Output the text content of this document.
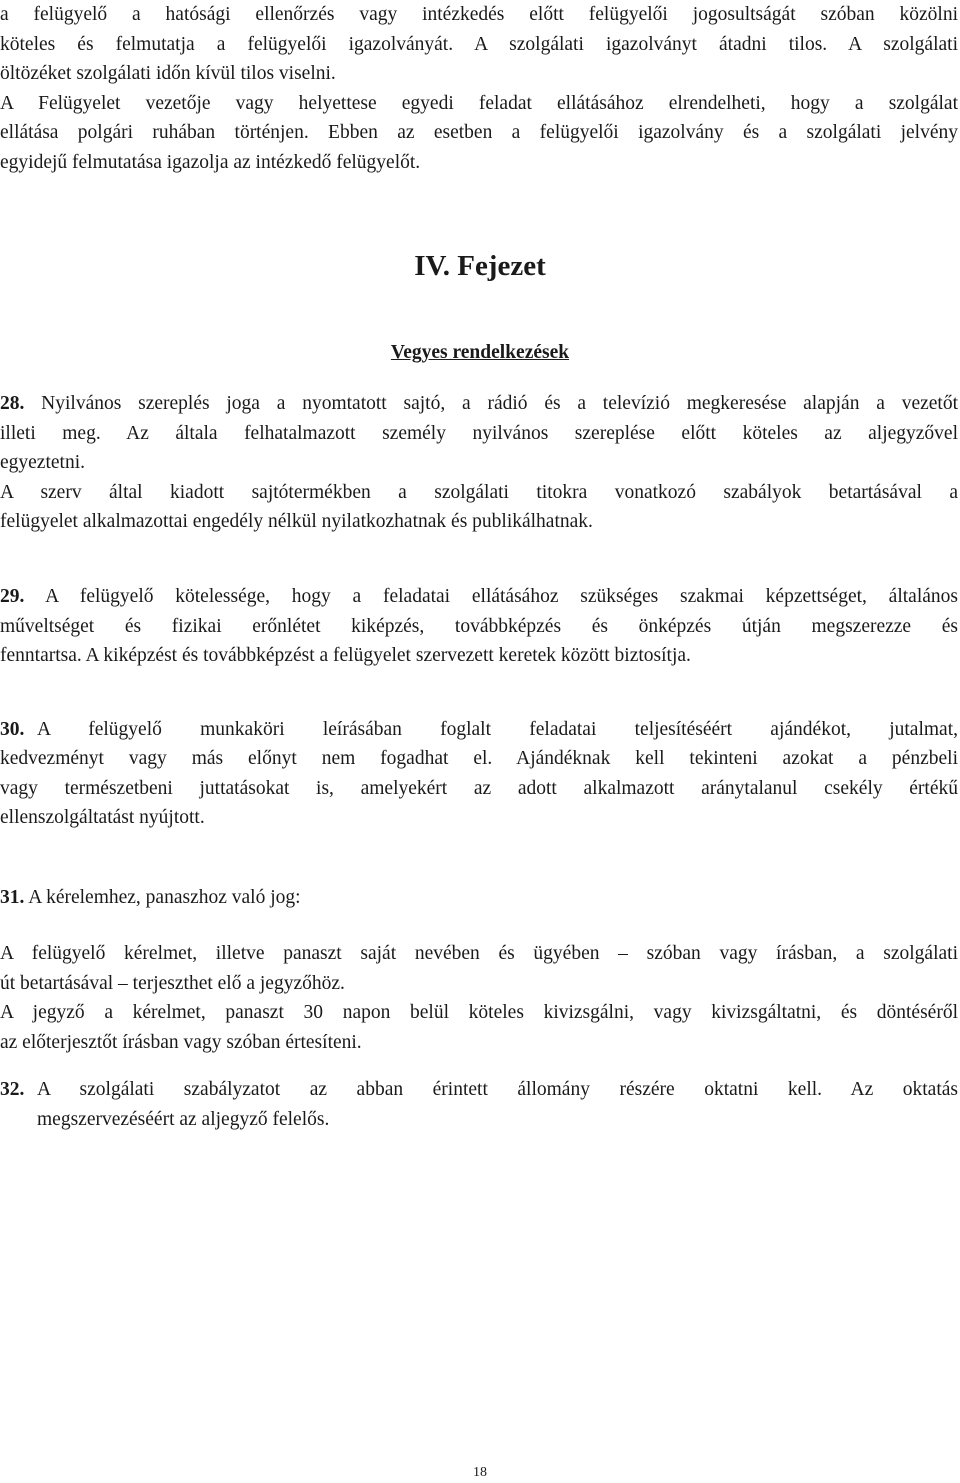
a felügyelő a hatósági ellenőrzés vagy intézkedés előtt felügyelői jogosultságát szóban közölni
köteles és felmutatja a felügyelői igazolványát. A szolgálati igazolványt átadni tilos. A szolgálati
öltözéket szolgálati időn kívül tilos viselni.
A Felügyelet vezetője vagy helyettese egyedi feladat ellátásához elrendelheti, hogy a szolgálat
ellátása polgári ruhában történjen. Ebben az esetben a felügyelői igazolvány és a szolgálati jelvény
egyidejű felmutatása igazolja az intézkedő felügyelőt.
IV. Fejezet
Vegyes rendelkezések
28. Nyilvános szereplés joga a nyomtatott sajtó, a rádió és a televízió megkeresése alapján a vezetőt
illeti meg. Az általa felhatalmazott személy nyilvános szereplése előtt köteles az aljegyzővel
egyeztetni.
A szerv által kiadott sajtótermékben a szolgálati titokra vonatkozó szabályok betartásával a
felügyelet alkalmazottai engedély nélkül nyilatkozhatnak és publikálhatnak.
29. A felügyelő kötelessége, hogy a feladatai ellátásához szükséges szakmai képzettséget, általános
műveltséget és fizikai erőnlétet kiképzés, továbbképzés és önképzés útján megszerezze és
fenntartsa. A kiképzést és továbbképzést a felügyelet szervezett keretek között biztosítja.
30. A felügyelő munkaköri leírásában foglalt feladatai teljesítéséért ajándékot, jutalmat,
kedvezményt vagy más előnyt nem fogadhat el. Ajándéknak kell tekinteni azokat a pénzbeli
vagy természetbeni juttatásokat is, amelyekért az adott alkalmazott aránytalanul csekély értékű
ellenszolgáltatást nyújtott.
31. A kérelemhez, panaszhoz való jog:
A felügyelő kérelmet, illetve panaszt saját nevében és ügyében – szóban vagy írásban, a szolgálati
út betartásával – terjeszthet elő a jegyzőhöz.
A jegyző a kérelmet, panaszt 30 napon belül köteles kivizsgálni, vagy kivizsgáltatni, és döntéséről
az előterjesztőt írásban vagy szóban értesíteni.
32. A szolgálati szabályzatot az abban érintett állomány részére oktatni kell. Az oktatás
megszervezéséért az aljegyző felelős.
18
